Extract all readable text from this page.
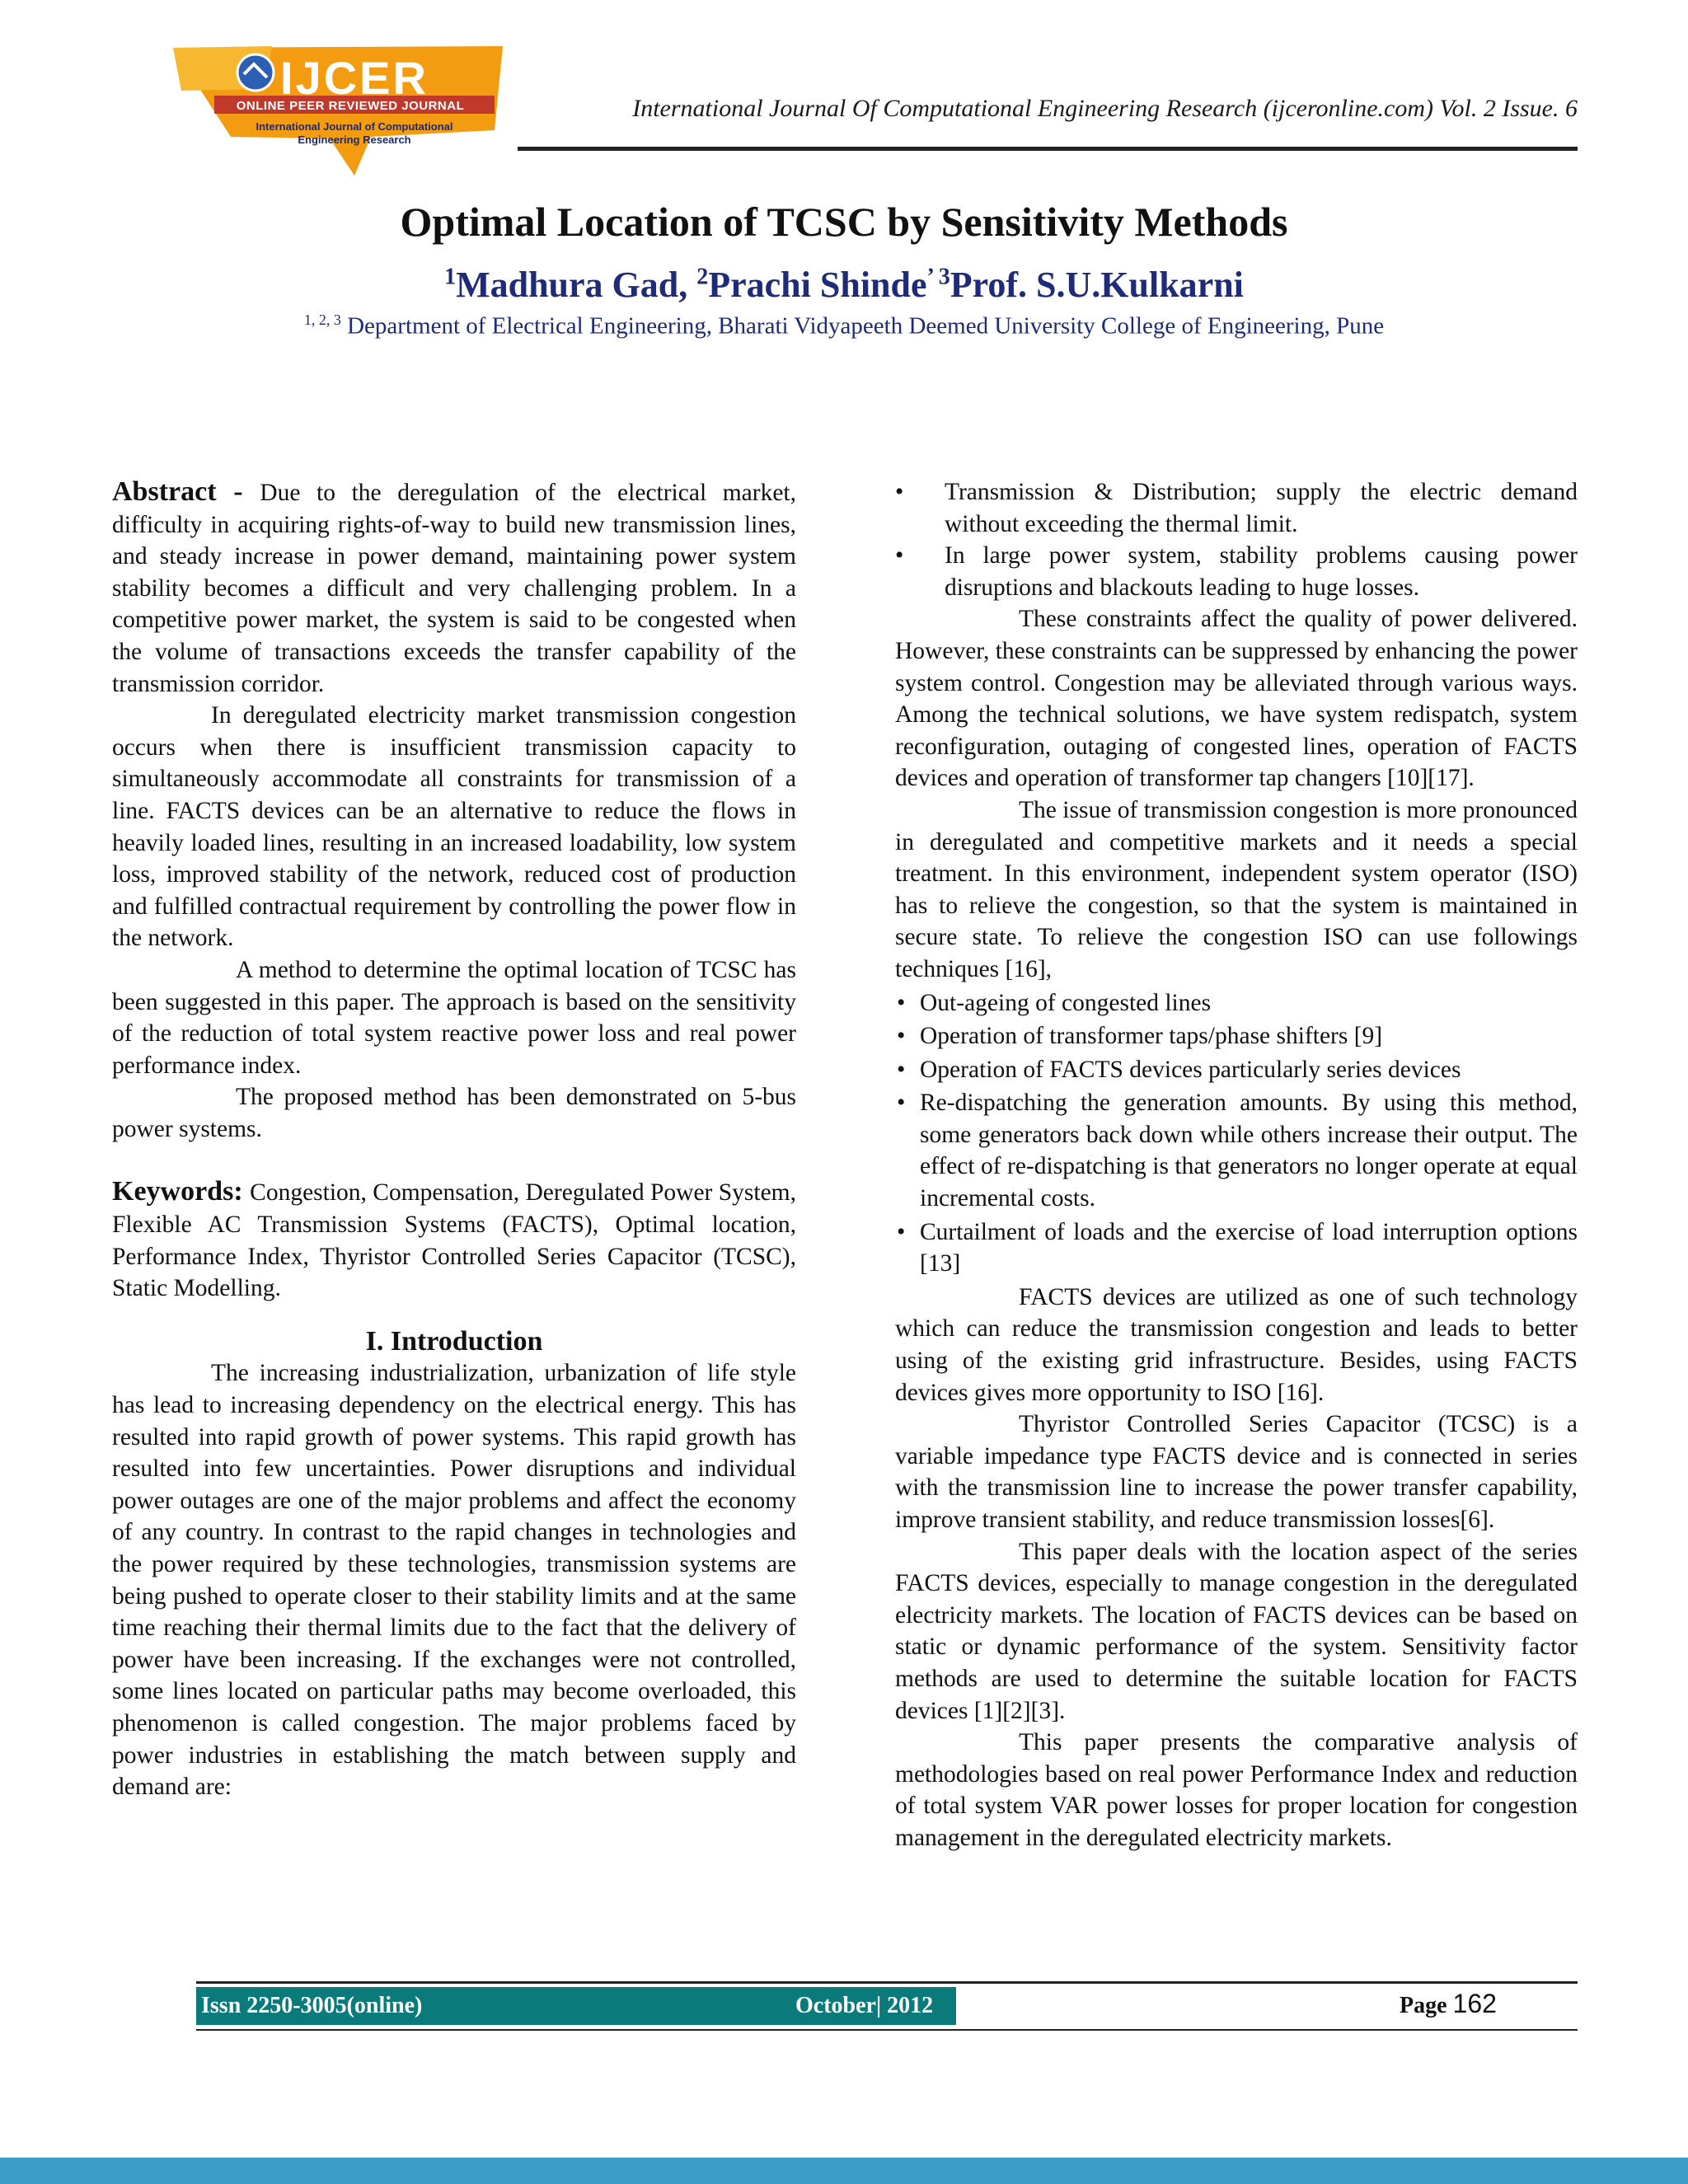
IJCER
ONLINE PEER REVIEWED JOURNAL
International Journal of Computational Engineering Research
International Journal Of Computational Engineering Research (ijceronline.com) Vol. 2 Issue. 6
Optimal Location of TCSC by Sensitivity Methods
$^1$Madhura Gad, $^2$Prachi Shinde’ $^3$Prof. S.U.Kulkarni
$^{1, 2, 3}$ Department of Electrical Engineering, Bharati Vidyapeeth Deemed University College of Engineering, Pune

Abstract - Due to the deregulation of the electrical market, difficulty in acquiring rights-of-way to build new transmission lines, and steady increase in power demand, maintaining power system stability becomes a difficult and very challenging problem. In a competitive power market, the system is said to be congested when the volume of transactions exceeds the transfer capability of the transmission corridor.

In deregulated electricity market transmission congestion occurs when there is insufficient transmission capacity to simultaneously accommodate all constraints for transmission of a line. FACTS devices can be an alternative to reduce the flows in heavily loaded lines, resulting in an increased loadability, low system loss, improved stability of the network, reduced cost of production and fulfilled contractual requirement by controlling the power flow in the network.

A method to determine the optimal location of TCSC has been suggested in this paper. The approach is based on the sensitivity of the reduction of total system reactive power loss and real power performance index.

The proposed method has been demonstrated on 5-bus power systems.

Keywords: Congestion, Compensation, Deregulated Power System, Flexible AC Transmission Systems (FACTS), Optimal location, Performance Index, Thyristor Controlled Series Capacitor (TCSC), Static Modelling.

I. Introduction

The increasing industrialization, urbanization of life style has lead to increasing dependency on the electrical energy. This has resulted into rapid growth of power systems. This rapid growth has resulted into few uncertainties. Power disruptions and individual power outages are one of the major problems and affect the economy of any country. In contrast to the rapid changes in technologies and the power required by these technologies, transmission systems are being pushed to operate closer to their stability limits and at the same time reaching their thermal limits due to the fact that the delivery of power have been increasing. If the exchanges were not controlled, some lines located on particular paths may become overloaded, this phenomenon is called congestion. The major problems faced by power industries in establishing the match between supply and demand are:

• Transmission & Distribution; supply the electric demand without exceeding the thermal limit.
• In large power system, stability problems causing power disruptions and blackouts leading to huge losses.

These constraints affect the quality of power delivered. However, these constraints can be suppressed by enhancing the power system control. Congestion may be alleviated through various ways. Among the technical solutions, we have system redispatch, system reconfiguration, outaging of congested lines, operation of FACTS devices and operation of transformer tap changers [10][17].

The issue of transmission congestion is more pronounced in deregulated and competitive markets and it needs a special treatment. In this environment, independent system operator (ISO) has to relieve the congestion, so that the system is maintained in secure state. To relieve the congestion ISO can use followings techniques [16],

• Out-ageing of congested lines
• Operation of transformer taps/phase shifters [9]
• Operation of FACTS devices particularly series devices
• Re-dispatching the generation amounts. By using this method, some generators back down while others increase their output. The effect of re-dispatching is that generators no longer operate at equal incremental costs.
• Curtailment of loads and the exercise of load interruption options [13]

FACTS devices are utilized as one of such technology which can reduce the transmission congestion and leads to better using of the existing grid infrastructure. Besides, using FACTS devices gives more opportunity to ISO [16].

Thyristor Controlled Series Capacitor (TCSC) is a variable impedance type FACTS device and is connected in series with the transmission line to increase the power transfer capability, improve transient stability, and reduce transmission losses[6].

This paper deals with the location aspect of the series FACTS devices, especially to manage congestion in the deregulated electricity markets. The location of FACTS devices can be based on static or dynamic performance of the system. Sensitivity factor methods are used to determine the suitable location for FACTS devices [1][2][3].

This paper presents the comparative analysis of methodologies based on real power Performance Index and reduction of total system VAR power losses for proper location for congestion management in the deregulated electricity markets.

Issn 2250-3005(online)	October| 2012	Page 162
